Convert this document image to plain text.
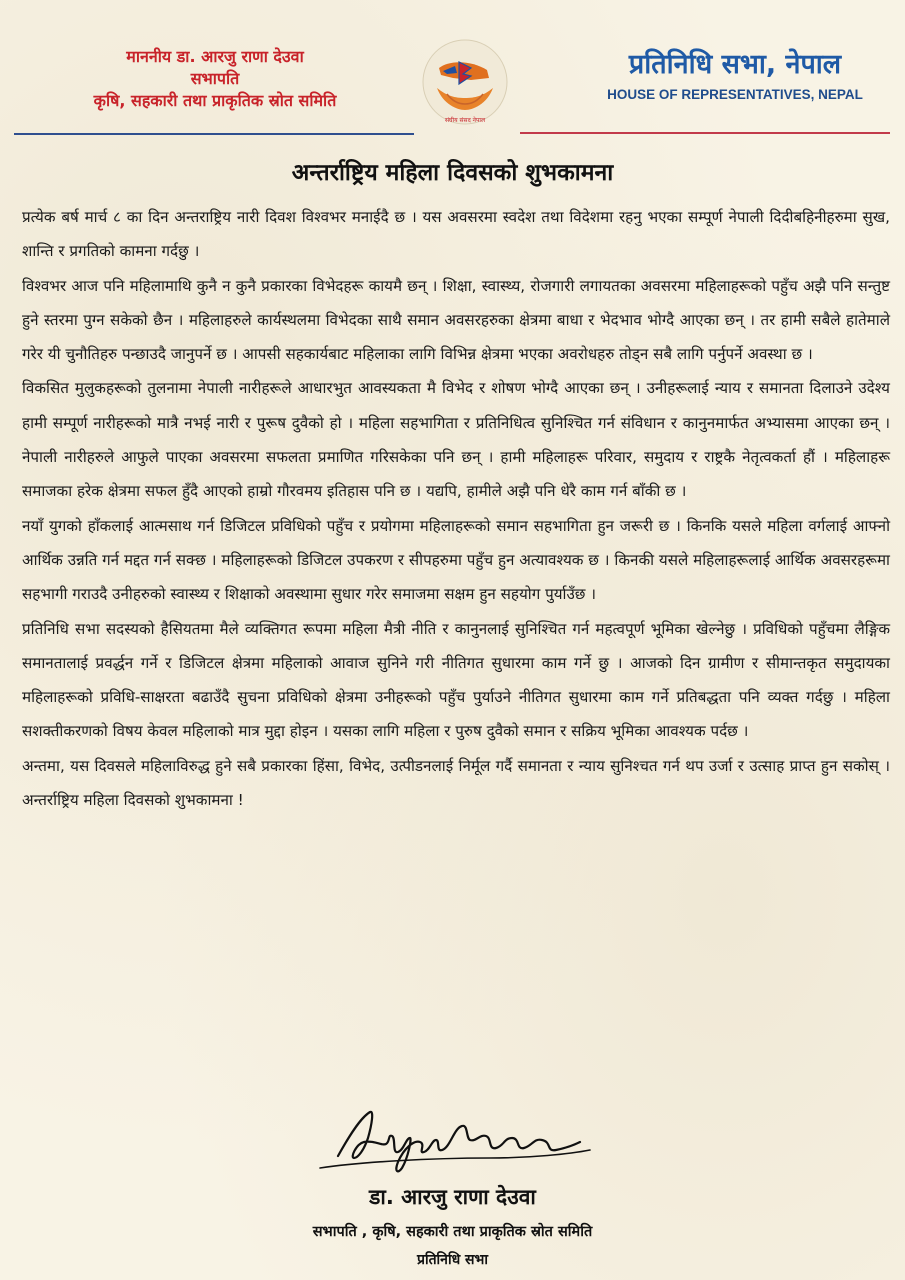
माननीय डा. आरजु राणा देउवा
सभापति
कृषि, सहकारी तथा प्राकृतिक स्रोत समिति
संघीय संसद नेपाल
प्रतिनिधि सभा, नेपाल
HOUSE OF REPRESENTATIVES, NEPAL
अन्तर्राष्ट्रिय महिला दिवसको शुभकामना

प्रत्येक बर्ष मार्च ८ का दिन अन्तराष्ट्रिय नारी दिवश विश्वभर मनाईदै छ । यस अवसरमा स्वदेश तथा विदेशमा रहनु भएका सम्पूर्ण नेपाली दिदीबहिनीहरुमा सुख, शान्ति र प्रगतिको कामना गर्दछु ।

विश्वभर आज पनि महिलामाथि कुनै न कुनै प्रकारका विभेदहरू कायमै छन् । शिक्षा, स्वास्थ्य, रोजगारी लगायतका अवसरमा महिलाहरूको पहुँच अझै पनि सन्तुष्ट हुने स्तरमा पुग्न सकेको छैन । महिलाहरुले कार्यस्थलमा विभेदका साथै समान अवसरहरुका क्षेत्रमा बाधा र भेदभाव भोग्दै आएका छन् । तर हामी सबैले हातेमाले गरेर यी चुनौतिहरु पन्छाउदै जानुपर्ने छ । आपसी सहकार्यबाट महिलाका लागि विभिन्न क्षेत्रमा भएका अवरोधहरु तोड्न सबै लागि पर्नुपर्ने अवस्था छ ।

विकसित मुलुकहरूको तुलनामा नेपाली नारीहरूले आधारभुत आवस्यकता मै विभेद र शोषण भोग्दै आएका छन् । उनीहरूलाई न्याय र समानता दिलाउने उदेश्य हामी सम्पूर्ण नारीहरूको मात्रै नभई नारी र पुरूष दुवैको हो । महिला सहभागिता र प्रतिनिधित्व सुनिश्चित गर्न संविधान र कानुनमार्फत अभ्यासमा आएका छन् ।नेपाली नारीहरुले आफुले पाएका अवसरमा सफलता प्रमाणित गरिसकेका पनि छन् । हामी महिलाहरू परिवार, समुदाय र राष्ट्रकै नेतृत्वकर्ता हौं । महिलाहरू समाजका हरेक क्षेत्रमा सफल हुँदै आएको हाम्रो गौरवमय इतिहास पनि छ । यद्यपि, हामीले अझै पनि धेरै काम गर्न बाँकी छ ।

नयाँ युगको हाँकलाई आत्मसाथ गर्न डिजिटल प्रविधिको पहुँच र प्रयोगमा महिलाहरूको समान सहभागिता हुन जरूरी छ । किनकि यसले महिला वर्गलाई आफ्नो आर्थिक उन्नति गर्न मद्दत गर्न सक्छ । महिलाहरूको डिजिटल उपकरण र सीपहरुमा पहुँच हुन अत्यावश्यक छ । किनकी यसले महिलाहरूलाई आर्थिक अवसरहरूमा सहभागी गराउदै उनीहरुको स्वास्थ्य र शिक्षाको अवस्थामा सुधार गरेर समाजमा सक्षम हुन सहयोग पुर्याउँछ ।

प्रतिनिधि सभा सदस्यको हैसियतमा मैले व्यक्तिगत रूपमा महिला मैत्री नीति र कानुनलाई सुनिश्चित गर्न महत्वपूर्ण भूमिका खेल्नेछु । प्रविधिको पहुँचमा लैङ्गिक समानतालाई प्रवर्द्धन गर्ने र डिजिटल क्षेत्रमा महिलाको आवाज सुनिने गरी नीतिगत सुधारमा काम गर्ने छु । आजको दिन ग्रामीण र सीमान्तकृत समुदायका महिलाहरूको प्रविधि-साक्षरता बढाउँदै सुचना प्रविधिको क्षेत्रमा उनीहरूको पहुँच पुर्याउने नीतिगत सुधारमा काम गर्ने प्रतिबद्धता पनि व्यक्त गर्दछु । महिला सशक्तीकरणको विषय केवल महिलाको मात्र मुद्दा होइन । यसका लागि महिला र पुरुष दुवैको समान र सक्रिय भूमिका आवश्यक पर्दछ ।

अन्तमा, यस दिवसले महिलाविरुद्ध हुने सबै प्रकारका हिंसा, विभेद, उत्पीडनलाई निर्मूल गर्दै समानता र न्याय सुनिश्चत गर्न थप उर्जा र उत्साह प्राप्त हुन सकोस् । अन्तर्राष्ट्रिय महिला दिवसको शुभकामना !

डा. आरजु राणा देउवा
सभापति , कृषि, सहकारी तथा प्राकृतिक स्रोत समिति
प्रतिनिधि सभा
